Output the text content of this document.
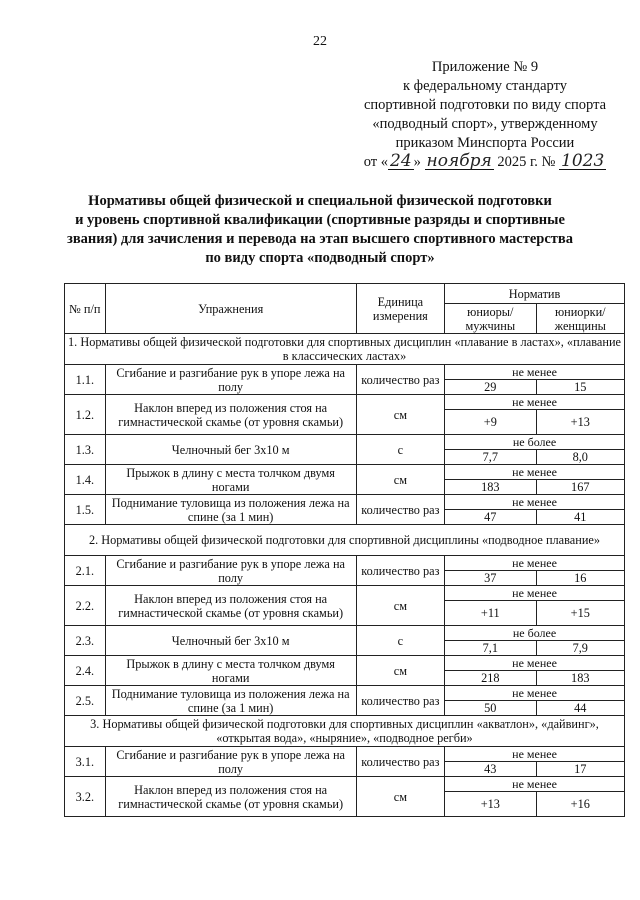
22
Приложение № 9
к федеральному стандарту
спортивной подготовки по виду спорта
«подводный спорт», утвержденному
приказом Минспорта России
от « 24 » ноября 2025 г. № 1023
Нормативы общей физической и специальной физической подготовки
и уровень спортивной квалификации (спортивные разряды и спортивные
звания) для зачисления и перевода на этап высшего спортивного мастерства
по виду спорта «подводный спорт»
№ п/п	Упражнения	Единица измерения	Норматив	
			юниоры/ мужчины	юниорки/ женщины
1. Нормативы общей физической подготовки для спортивных дисциплин «плавание в ластах», «плавание в классических ластах»				
1.1.	Сгибание и разгибание рук в упоре лежа на полу	количество раз	не менее	
			29	15
1.2.	Наклон вперед из положения стоя на гимнастической скамье (от уровня скамьи)	см	не менее	
			+9	+13
1.3.	Челночный бег 3х10 м	с	не более	
			7,7	8,0
1.4.	Прыжок в длину с места толчком двумя ногами	см	не менее	
			183	167
1.5.	Поднимание туловища из положения лежа на спине (за 1 мин)	количество раз	не менее	
			47	41
2. Нормативы общей физической подготовки для спортивной дисциплины «подводное плавание»				
2.1.	Сгибание и разгибание рук в упоре лежа на полу	количество раз	не менее	
			37	16
2.2.	Наклон вперед из положения стоя на гимнастической скамье (от уровня скамьи)	см	не менее	
			+11	+15
2.3.	Челночный бег 3х10 м	с	не более	
			7,1	7,9
2.4.	Прыжок в длину с места толчком двумя ногами	см	не менее	
			218	183
2.5.	Поднимание туловища из положения лежа на спине (за 1 мин)	количество раз	не менее	
			50	44
3. Нормативы общей физической подготовки для спортивных дисциплин «акватлон», «дайвинг», «открытая вода», «ныряние», «подводное регби»				
3.1.	Сгибание и разгибание рук в упоре лежа на полу	количество раз	не менее	
			43	17
3.2.	Наклон вперед из положения стоя на гимнастической скамье (от уровня скамьи)	см	не менее	
			+13	+16
